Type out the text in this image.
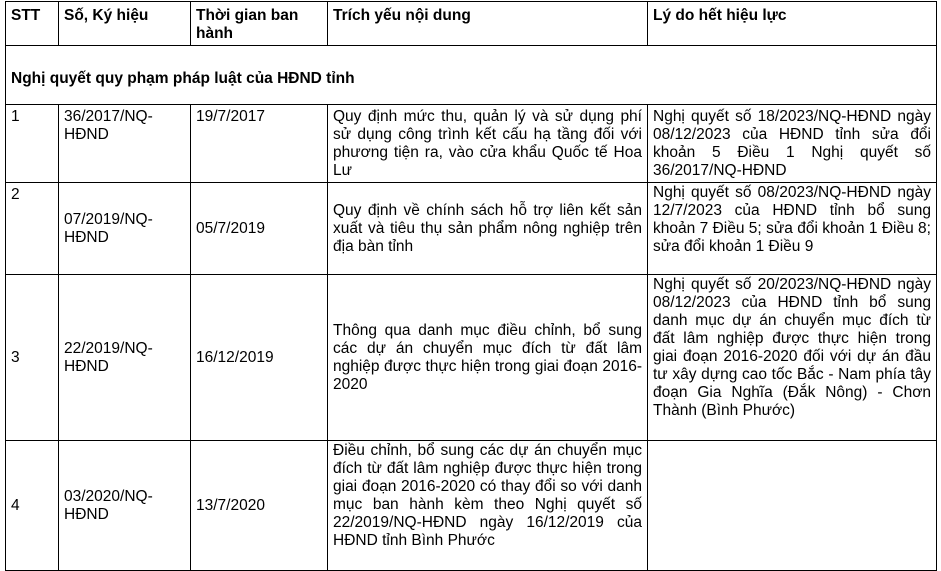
STT	Số, Ký hiệu	Thời gian ban hành	Trích yếu nội dung	Lý do hết hiệu lực
Nghị quyết quy phạm pháp luật của HĐND tỉnh				
1	36/2017/NQ-HĐND	19/7/2017	Quy định mức thu, quản lý và sử dụng phí sử dụng công trình kết cấu hạ tầng đối với phương tiện ra, vào cửa khẩu Quốc tế Hoa Lư	Nghị quyết số 18/2023/NQ-HĐND ngày 08/12/2023 của HĐND tỉnh sửa đổi khoản 5 Điều 1 Nghị quyết số 36/2017/NQ-HĐND
2	07/2019/NQ-HĐND	05/7/2019	Quy định về chính sách hỗ trợ liên kết sản xuất và tiêu thụ sản phẩm nông nghiệp trên địa bàn tỉnh	Nghị quyết số 08/2023/NQ-HĐND ngày 12/7/2023 của HĐND tỉnh bổ sung khoản 7 Điều 5; sửa đổi khoản 1 Điều 8; sửa đổi khoản 1 Điều 9
3	22/2019/NQ-HĐND	16/12/2019	Thông qua danh mục điều chỉnh, bổ sung các dự án chuyển mục đích từ đất lâm nghiệp được thực hiện trong giai đoạn 2016-2020	Nghị quyết số 20/2023/NQ-HĐND ngày 08/12/2023 của HĐND tỉnh bổ sung danh mục dự án chuyển mục đích từ đất lâm nghiệp được thực hiện trong giai đoạn 2016-2020 đối với dự án đầu tư xây dựng cao tốc Bắc - Nam phía tây đoạn Gia Nghĩa (Đắk Nông) - Chơn Thành (Bình Phước)
4	03/2020/NQ-HĐND	13/7/2020	Điều chỉnh, bổ sung các dự án chuyển mục đích từ đất lâm nghiệp được thực hiện trong giai đoạn 2016-2020 có thay đổi so với danh mục ban hành kèm theo Nghị quyết số 22/2019/NQ-HĐND ngày 16/12/2019 của HĐND tỉnh Bình Phước	
